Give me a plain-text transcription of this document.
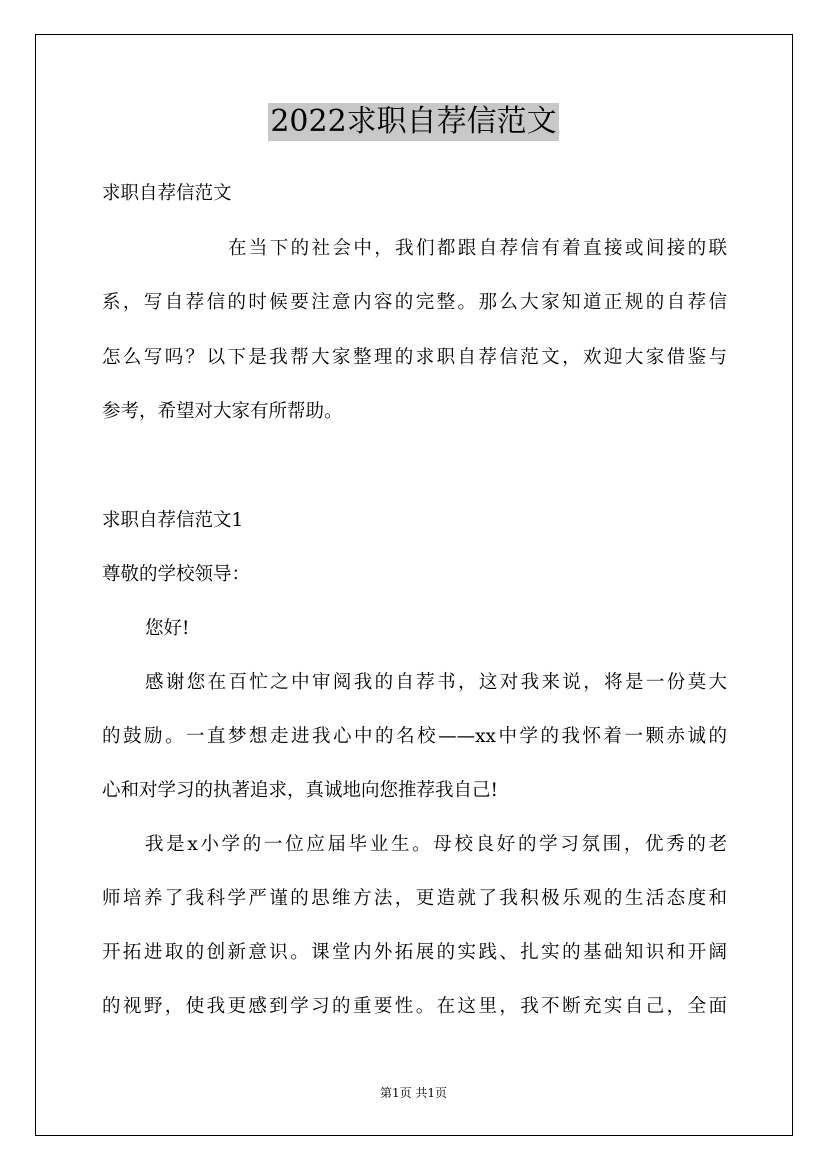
2022求职自荐信范文
求职自荐信范文
在当下的社会中，我们都跟自荐信有着直接或间接的联
系，写自荐信的时候要注意内容的完整。那么大家知道正规的自荐信
怎么写吗？以下是我帮大家整理的求职自荐信范文，欢迎大家借鉴与
参考，希望对大家有所帮助。
求职自荐信范文1
尊敬的学校领导：
您好!
感谢您在百忙之中审阅我的自荐书，这对我来说，将是一份莫大
的鼓励。一直梦想走进我心中的名校——xx中学的我怀着一颗赤诚的
心和对学习的执著追求，真诚地向您推荐我自己!
我是x小学的一位应届毕业生。母校良好的学习氛围，优秀的老
师培养了我科学严谨的思维方法，更造就了我积极乐观的生活态度和
开拓进取的创新意识。课堂内外拓展的实践、扎实的基础知识和开阔
的视野，使我更感到学习的重要性。在这里，我不断充实自己，全面
第1页 共1页
